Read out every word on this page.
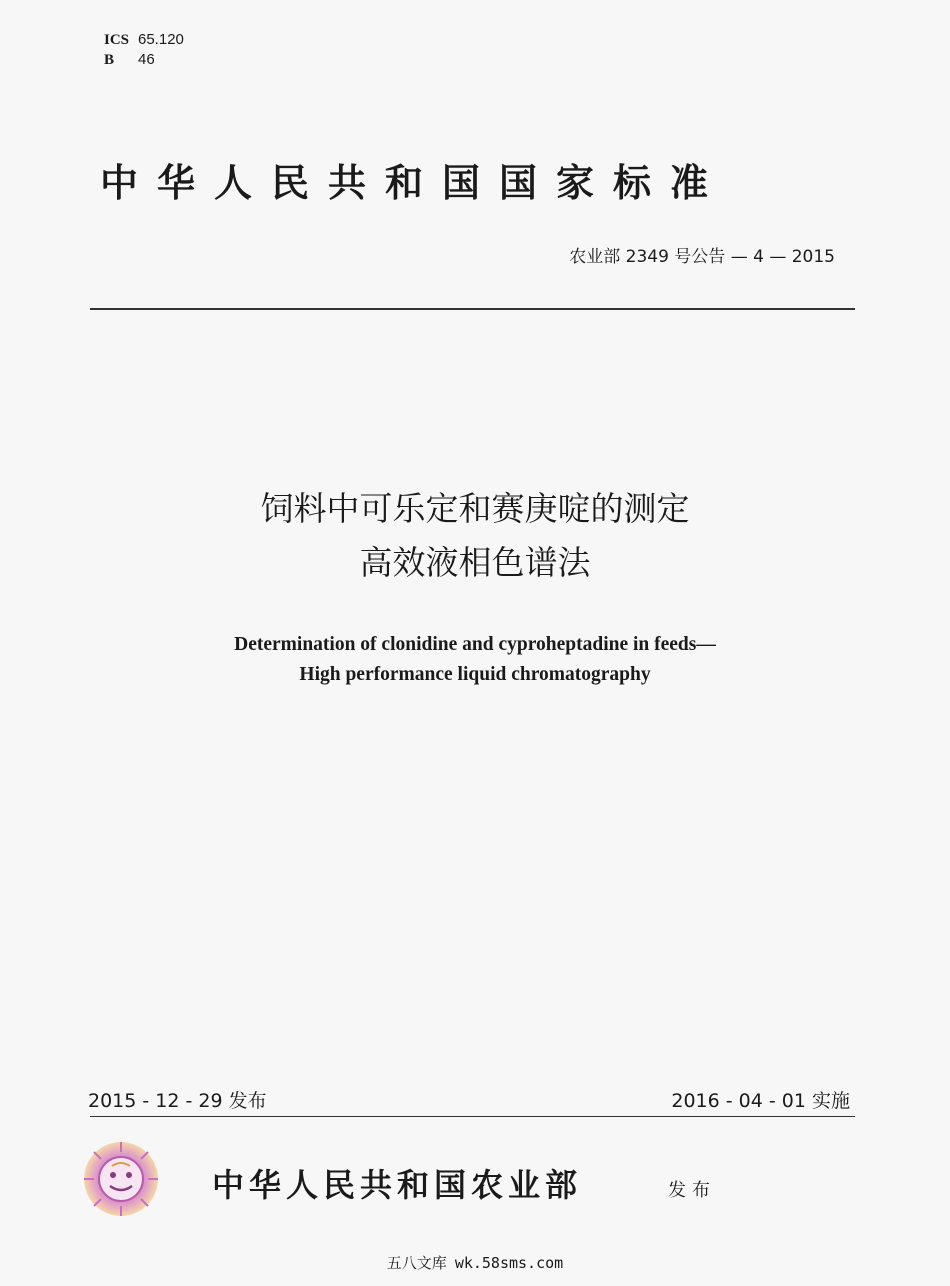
ICS 65.120
B 46
中华人民共和国国家标准
农业部 2349 号公告 — 4 — 2015
饲料中可乐定和赛庚啶的测定
高效液相色谱法
Determination of clonidine and cyproheptadine in feeds—
High performance liquid chromatography
2015 - 12 - 29 发布	2016 - 04 - 01 实施
中华人民共和国农业部	发布
五八文库 wk.58sms.com
